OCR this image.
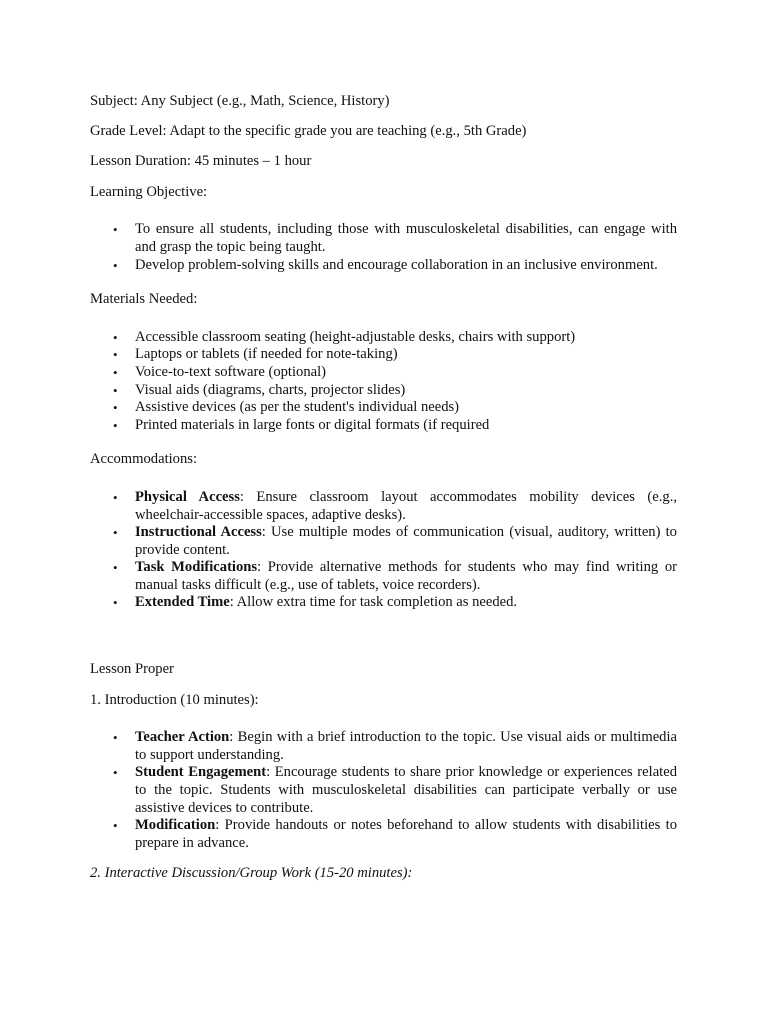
Subject: Any Subject (e.g., Math, Science, History)

Grade Level: Adapt to the specific grade you are teaching (e.g., 5th Grade)

Lesson Duration: 45 minutes – 1 hour

Learning Objective:

• To ensure all students, including those with musculoskeletal disabilities, can engage with and grasp the topic being taught.
• Develop problem-solving skills and encourage collaboration in an inclusive environment.

Materials Needed:

• Accessible classroom seating (height-adjustable desks, chairs with support)
• Laptops or tablets (if needed for note-taking)
• Voice-to-text software (optional)
• Visual aids (diagrams, charts, projector slides)
• Assistive devices (as per the student's individual needs)
• Printed materials in large fonts or digital formats (if required

Accommodations:

• Physical Access: Ensure classroom layout accommodates mobility devices (e.g., wheelchair-accessible spaces, adaptive desks).
• Instructional Access: Use multiple modes of communication (visual, auditory, written) to provide content.
• Task Modifications: Provide alternative methods for students who may find writing or manual tasks difficult (e.g., use of tablets, voice recorders).
• Extended Time: Allow extra time for task completion as needed.

Lesson Proper

1. Introduction (10 minutes):

• Teacher Action: Begin with a brief introduction to the topic. Use visual aids or multimedia to support understanding.
• Student Engagement: Encourage students to share prior knowledge or experiences related to the topic. Students with musculoskeletal disabilities can participate verbally or use assistive devices to contribute.
• Modification: Provide handouts or notes beforehand to allow students with disabilities to prepare in advance.

2. Interactive Discussion/Group Work (15-20 minutes):
